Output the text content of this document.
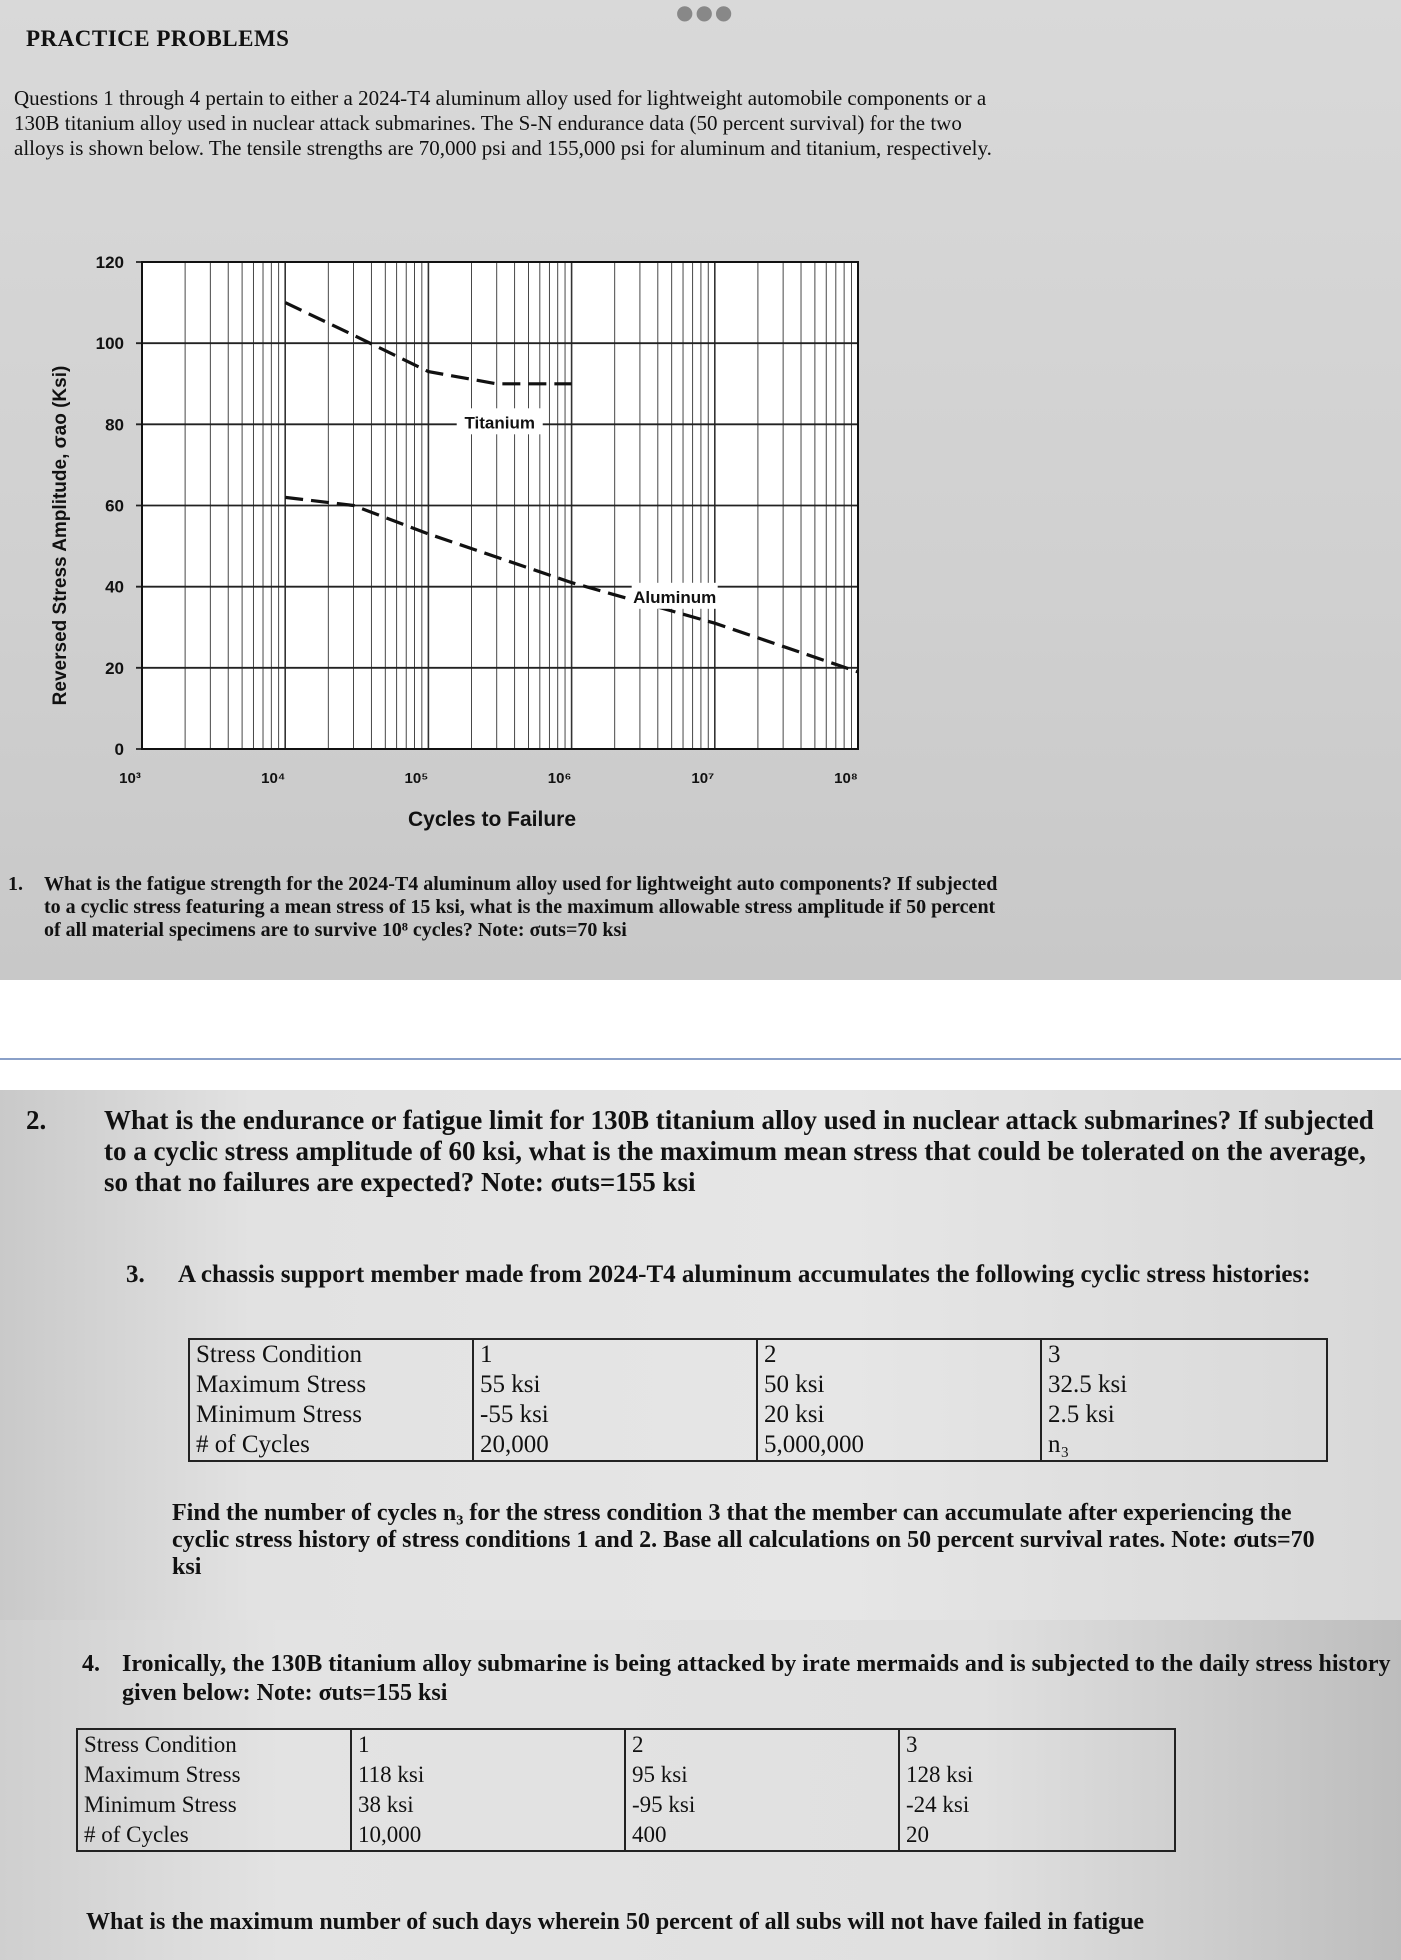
●●●
PRACTICE PROBLEMS
Questions 1 through 4 pertain to either a 2024-T4 aluminum alloy used for lightweight automobile components or a 130B titanium alloy used in nuclear attack submarines. The S-N endurance data (50 percent survival) for the two alloys is shown below. The tensile strengths are 70,000 psi and 155,000 psi for aluminum and titanium, respectively.
0
20
40
60
80
100
120
10³	10⁴	10⁵	10⁶	10⁷	10⁸
Cycles to Failure
Reversed Stress Amplitude, σao (Ksi)	Titanium
Aluminum
1. What is the fatigue strength for the 2024-T4 aluminum alloy used for lightweight auto components? If subjected to a cyclic stress featuring a mean stress of 15 ksi, what is the maximum allowable stress amplitude if 50 percent of all material specimens are to survive 10⁸ cycles? Note: σuts=70 ksi
2. What is the endurance or fatigue limit for 130B titanium alloy used in nuclear attack submarines? If subjected to a cyclic stress amplitude of 60 ksi, what is the maximum mean stress that could be tolerated on the average, so that no failures are expected? Note: σuts=155 ksi
3. A chassis support member made from 2024-T4 aluminum accumulates the following cyclic stress histories:
Stress Condition	1	2	3
Maximum Stress	55 ksi	50 ksi	32.5 ksi
Minimum Stress	-55 ksi	20 ksi	2.5 ksi
# of Cycles	20,000	5,000,000	n₃
Find the number of cycles n₃ for the stress condition 3 that the member can accumulate after experiencing the cyclic stress history of stress conditions 1 and 2. Base all calculations on 50 percent survival rates. Note: σuts=70 ksi
4. Ironically, the 130B titanium alloy submarine is being attacked by irate mermaids and is subjected to the daily stress history given below: Note: σuts=155 ksi
Stress Condition	1	2	3
Maximum Stress	118 ksi	95 ksi	128 ksi
Minimum Stress	38 ksi	-95 ksi	-24 ksi
# of Cycles	10,000	400	20
What is the maximum number of such days wherein 50 percent of all subs will not have failed in fatigue
